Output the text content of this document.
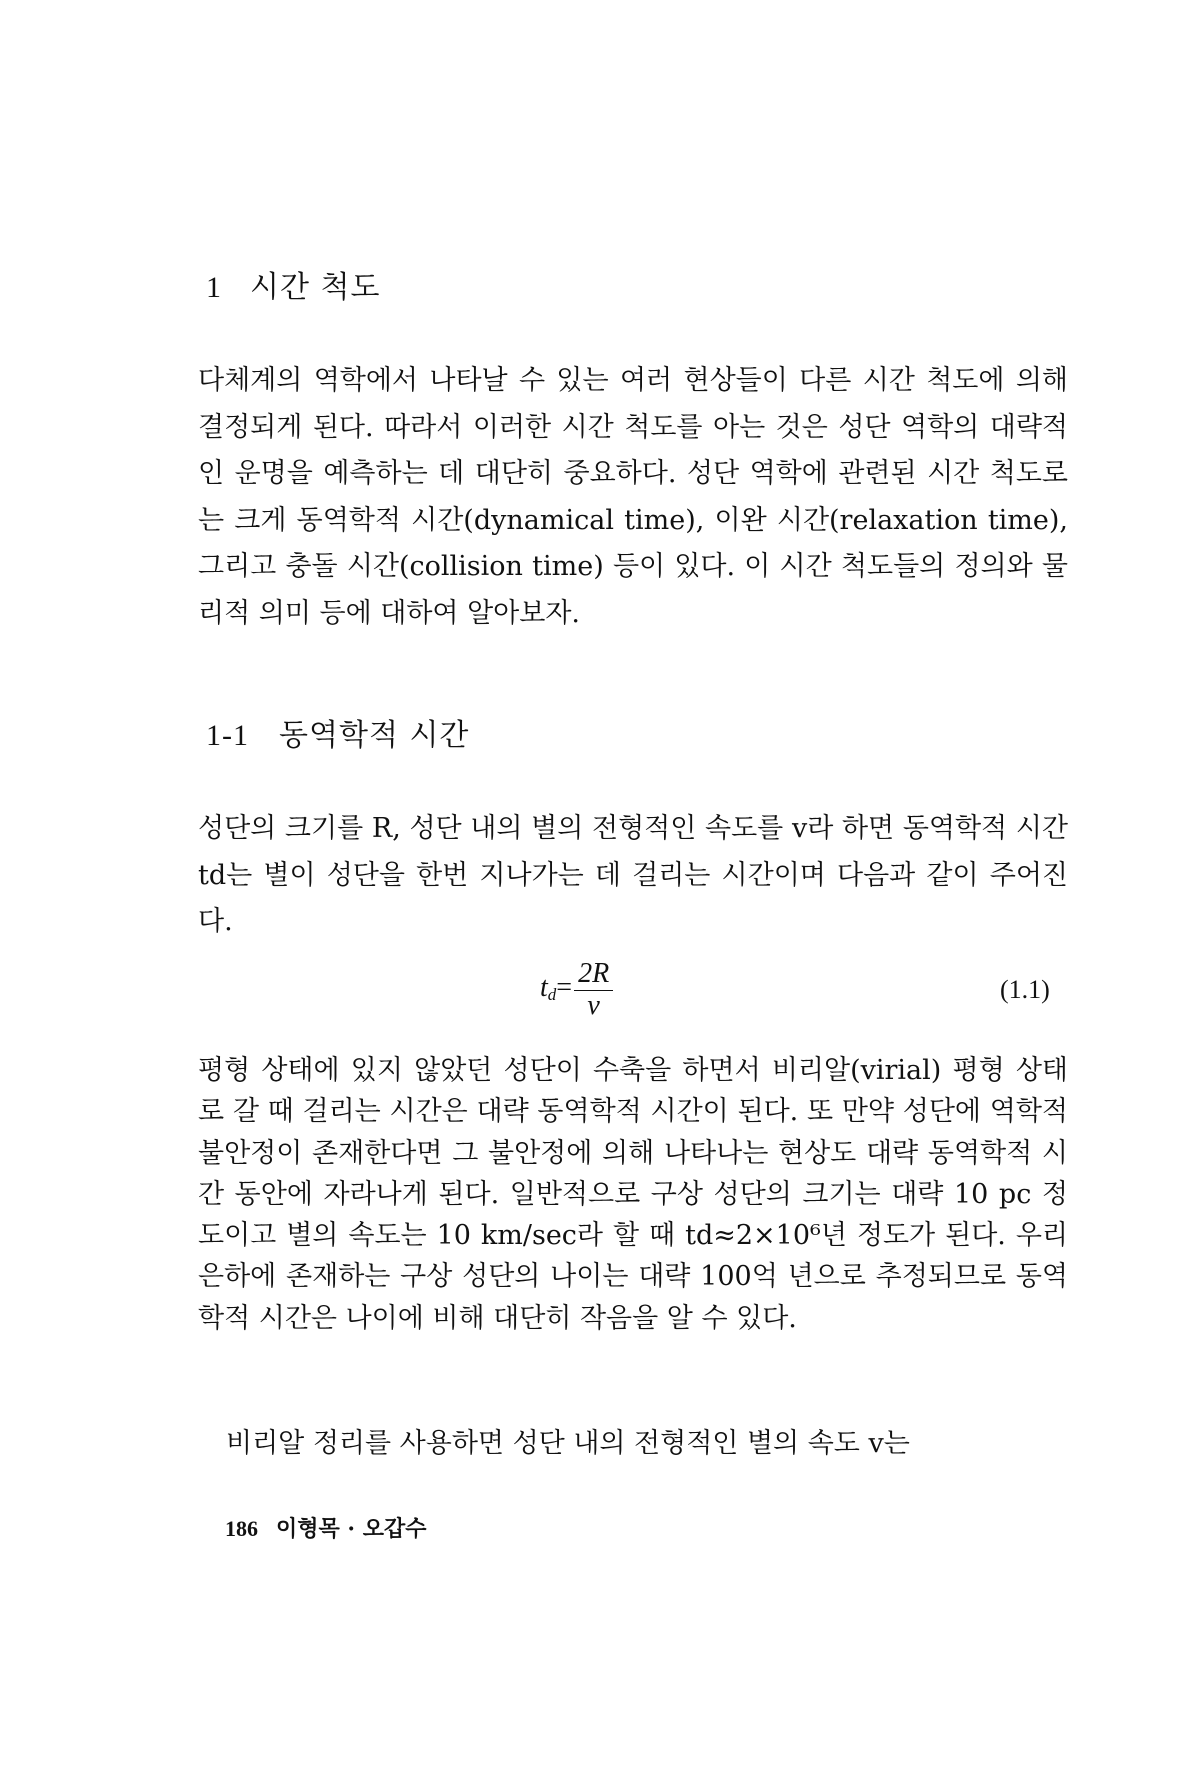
1 시간 척도

다체계의 역학에서 나타날 수 있는 여러 현상들이 다른 시간 척도에 의해 결정되게 된다. 따라서 이러한 시간 척도를 아는 것은 성단 역학의 대략적인 운명을 예측하는 데 대단히 중요하다. 성단 역학에 관련된 시간 척도로는 크게 동역학적 시간(dynamical time), 이완 시간(relaxation time), 그리고 충돌 시간(collision time) 등이 있다. 이 시간 척도들의 정의와 물리적 의미 등에 대하여 알아보자.

1-1 동역학적 시간

성단의 크기를 R, 성단 내의 별의 전형적인 속도를 v라 하면 동역학적 시간 td는 별이 성단을 한번 지나가는 데 걸리는 시간이며 다음과 같이 주어진다.

$t_d= \frac{2R}{v}$	(1.1)

평형 상태에 있지 않았던 성단이 수축을 하면서 비리알(virial) 평형 상태로 갈 때 걸리는 시간은 대략 동역학적 시간이 된다. 또 만약 성단에 역학적 불안정이 존재한다면 그 불안정에 의해 나타나는 현상도 대략 동역학적 시간 동안에 자라나게 된다. 일반적으로 구상 성단의 크기는 대략 10 pc 정도이고 별의 속도는 10 km/sec라 할 때 td≈2×10⁶년 정도가 된다. 우리 은하에 존재하는 구상 성단의 나이는 대략 100억 년으로 추정되므로 동역학적 시간은 나이에 비해 대단히 작음을 알 수 있다.

비리알 정리를 사용하면 성단 내의 전형적인 별의 속도 v는

186 이형목 · 오갑수
